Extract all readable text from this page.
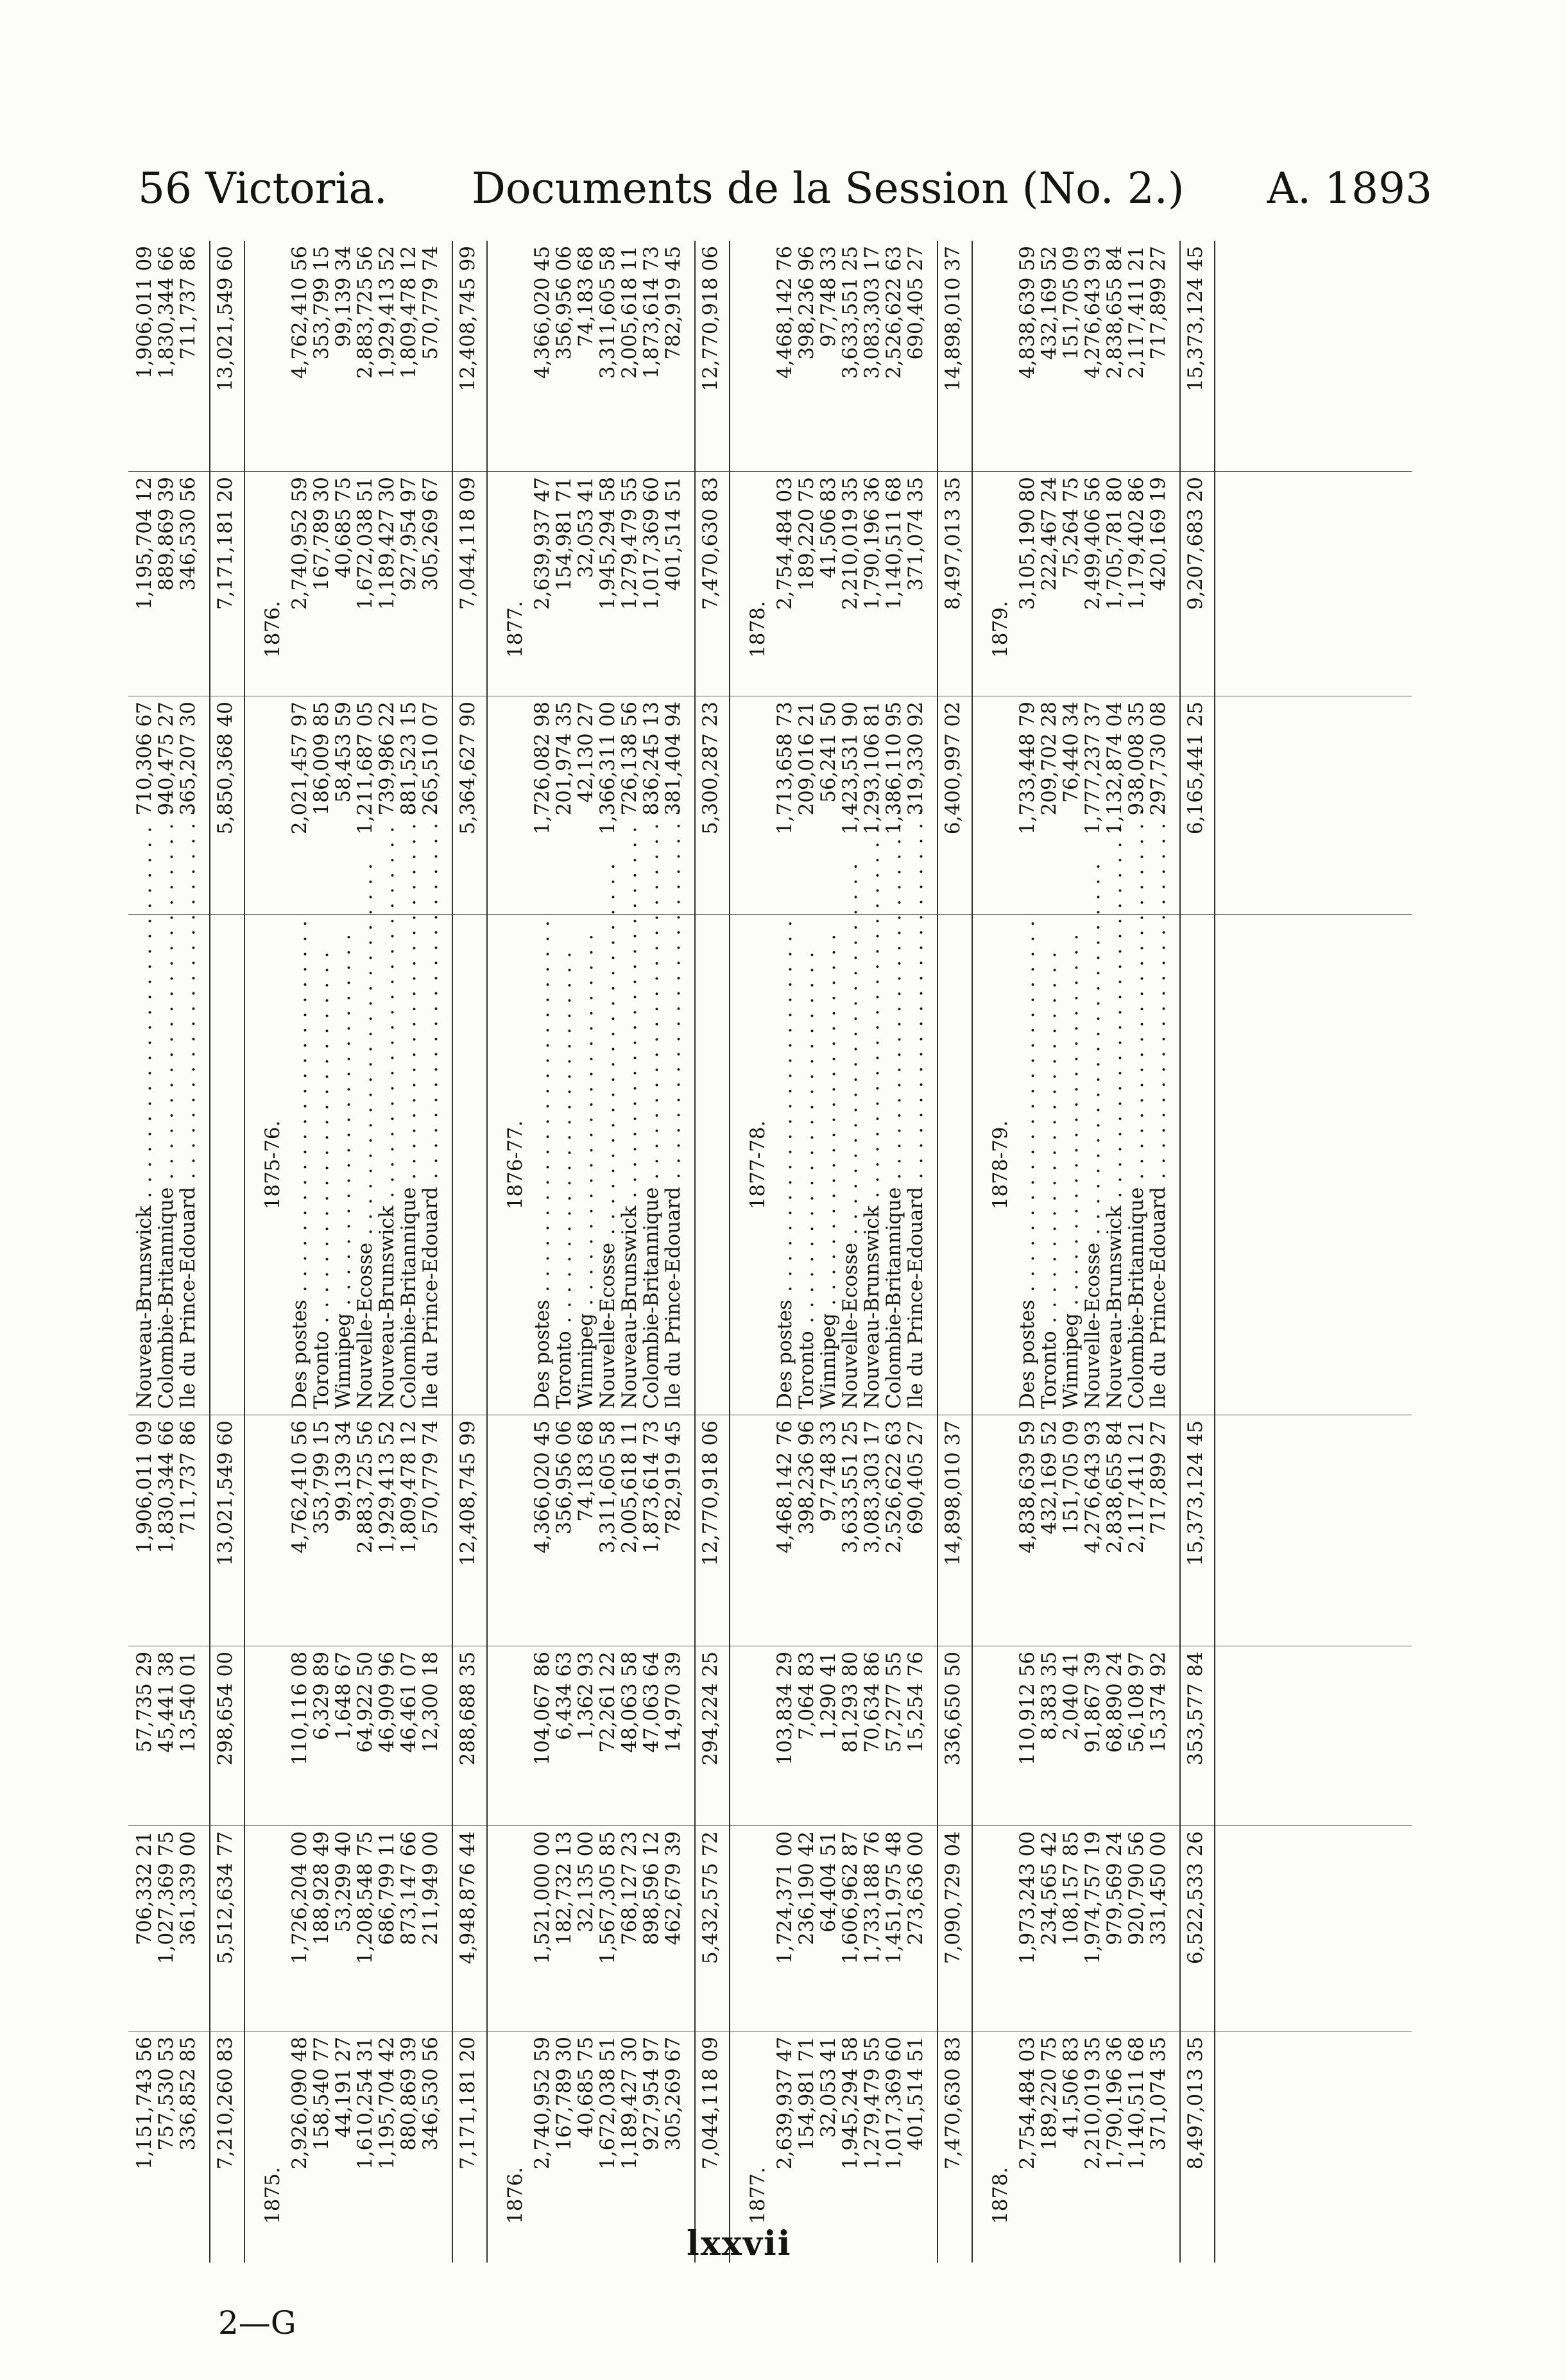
56 Victoria. Documents de la Session (No. 2.) A. 1893
1,151,743 56
757,530 53
336,852 85
706,332 21
1,027,369 75
361,339 00
57,735 29
45,441 38
13,540 01
1,906,011 09
1,830,344 66
711,737 86
Nouveau-Brunswick . . .
Colombie-Britannique . . .
Ile du Prince-Edouard . . .
710,306 67
940,475 27
365,207 30
1,195,704 12
889,869 39
346,530 56
1,906,011 09
1,830,344 66
711,737 86
7,210,260 83
5,512,634 77
298,654 00
13,021,549 60
5,850,368 40
7,171,181 20
13,021,549 60
1875.
1875-76.
1876.
2,926,090 48
158,540 77
44,191 27
1,610,254 31
1,195,704 42
880,869 39
346,530 56
1,726,204 00
188,928 49
53,299 40
1,208,548 75
686,799 11
873,147 66
211,949 00
110,116 08
6,329 89
1,648 67
64,922 50
46,909 96
46,461 07
12,300 18
4,762,410 56
353,799 15
99,139 34
2,883,725 56
1,929,413 52
1,809,478 12
570,779 74
Des postes . . .
Toronto . . .
Winnipeg . . .
Nouvelle-Ecosse . . .
Nouveau-Brunswick . . .
Colombie-Britannique . . .
Ile du Prince-Edouard . . .
2,021,457 97
186,009 85
58,453 59
1,211,687 05
739,986 22
881,523 15
265,510 07
2,740,952 59
167,789 30
40,685 75
1,672,038 51
1,189,427 30
927,954 97
305,269 67
4,762,410 56
353,799 15
99,139 34
2,883,725 56
1,929,413 52
1,809,478 12
570,779 74
7,171,181 20
4,948,876 44
288,688 35
12,408,745 99
5,364,627 90
7,044,118 09
12,408,745 99
1876.
1876-77.
1877.
2,740,952 59
167,789 30
40,685 75
1,672,038 51
1,189,427 30
927,954 97
305,269 67
1,521,000 00
182,732 13
32,135 00
1,567,305 85
768,127 23
898,596 12
462,679 39
104,067 86
6,434 63
1,362 93
72,261 22
48,063 58
47,063 64
14,970 39
4,366,020 45
356,956 06
74,183 68
3,311,605 58
2,005,618 11
1,873,614 73
782,919 45
Des postes . . .
Toronto . . .
Winnipeg . . .
Nouvelle-Ecosse . . .
Nouveau-Brunswick . . .
Colombie-Britannique . . .
Ile du Prince-Edouard . . .
1,726,082 98
201,974 35
42,130 27
1,366,311 00
726,138 56
836,245 13
381,404 94
2,639,937 47
154,981 71
32,053 41
1,945,294 58
1,279,479 55
1,017,369 60
401,514 51
4,366,020 45
356,956 06
74,183 68
3,311,605 58
2,005,618 11
1,873,614 73
782,919 45
7,044,118 09
5,432,575 72
294,224 25
12,770,918 06
5,300,287 23
7,470,630 83
12,770,918 06
1877.
1877-78.
1878.
2,639,937 47
154,981 71
32,053 41
1,945,294 58
1,279,479 55
1,017,369 60
401,514 51
1,724,371 00
236,190 42
64,404 51
1,606,962 87
1,733,188 76
1,451,975 48
273,636 00
103,834 29
7,064 83
1,290 41
81,293 80
70,634 86
57,277 55
15,254 76
4,468,142 76
398,236 96
97,748 33
3,633,551 25
3,083,303 17
2,526,622 63
690,405 27
Des postes . . .
Toronto . . .
Winnipeg . . .
Nouvelle-Ecosse . . .
Nouveau-Brunswick . . .
Colombie-Britannique . . .
Ile du Prince-Edouard . . .
1,713,658 73
209,016 21
56,241 50
1,423,531 90
1,293,106 81
1,386,110 95
319,330 92
2,754,484 03
189,220 75
41,506 83
2,210,019 35
1,790,196 36
1,140,511 68
371,074 35
4,468,142 76
398,236 96
97,748 33
3,633,551 25
3,083,303 17
2,526,622 63
690,405 27
7,470,630 83
7,090,729 04
336,650 50
14,898,010 37
6,400,997 02
8,497,013 35
14,898,010 37
1878.
1878-79.
1879.
2,754,484 03
189,220 75
41,506 83
2,210,019 35
1,790,196 36
1,140,511 68
371,074 35
1,973,243 00
234,565 42
108,157 85
1,974,757 19
979,569 24
920,790 56
331,450 00
110,912 56
8,383 35
2,040 41
91,867 39
68,890 24
56,108 97
15,374 92
4,838,639 59
432,169 52
151,705 09
4,276,643 93
2,838,655 84
2,117,411 21
717,899 27
Des postes . . .
Toronto . . .
Winnipeg . . .
Nouvelle-Ecosse . . .
Nouveau-Brunswick . . .
Colombie-Britannique . . .
Ile du Prince-Edouard . . .
1,733,448 79
209,702 28
76,440 34
1,777,237 37
1,132,874 04
938,008 35
297,730 08
3,105,190 80
222,467 24
75,264 75
2,499,406 56
1,705,781 80
1,179,402 86
420,169 19
4,838,639 59
432,169 52
151,705 09
4,276,643 93
2,838,655 84
2,117,411 21
717,899 27
8,497,013 35
6,522,533 26
353,577 84
15,373,124 45
6,165,441 25
9,207,683 20
15,373,124 45
lxxvii
2—G
